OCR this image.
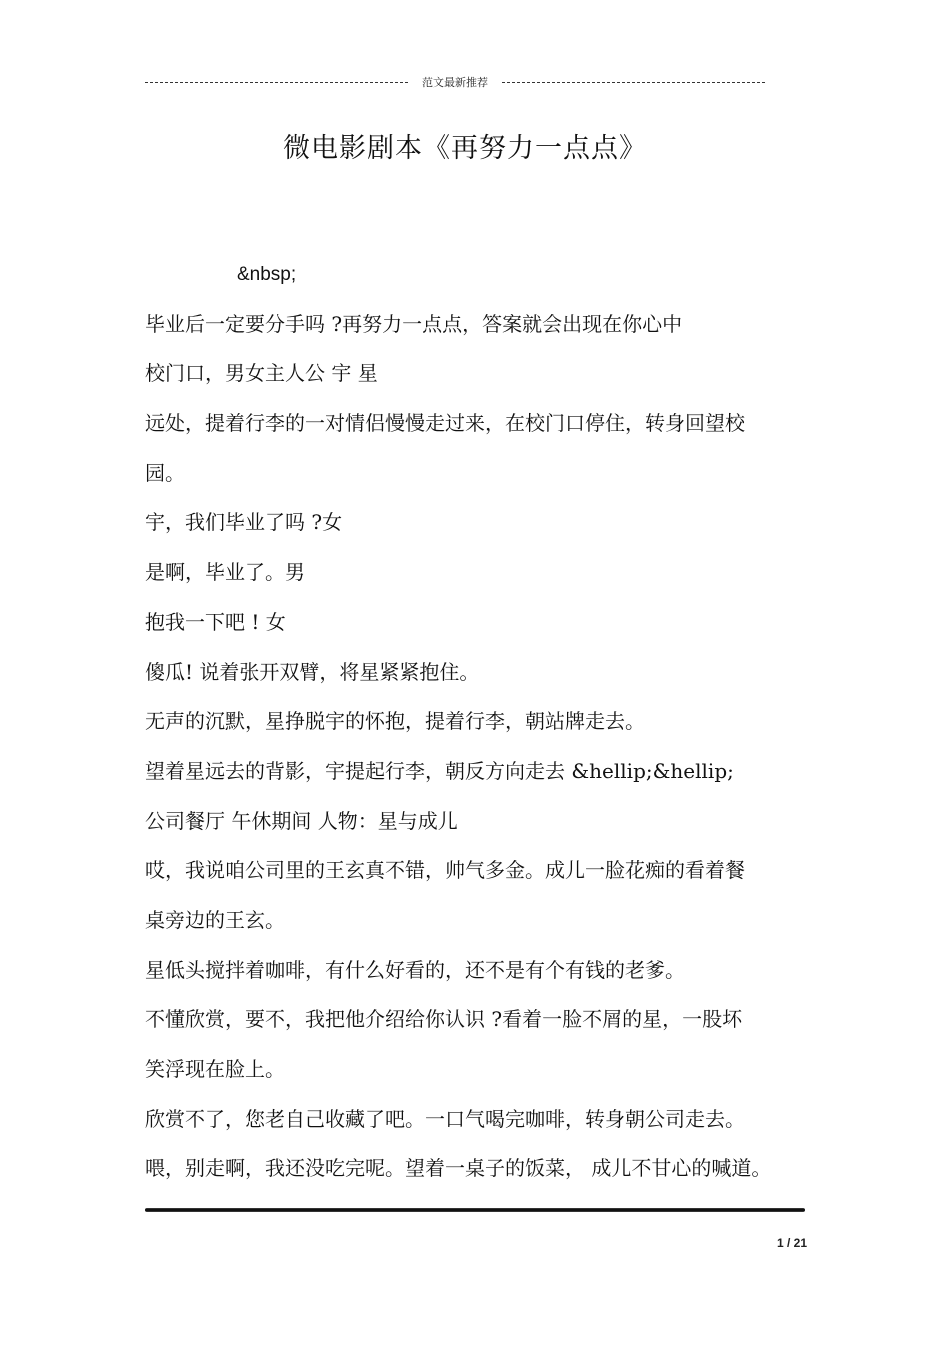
范文最新推荐
微电影剧本《再努力一点点》
&nbsp;
毕业后一定要分手吗 ?再努力一点点，答案就会出现在你心中
校门口，男女主人公 宇 星
远处，提着行李的一对情侣慢慢走过来，在校门口停住，转身回望校
园。
宇，我们毕业了吗 ?女
是啊，毕业了。男
抱我一下吧 ! 女
傻瓜! 说着张开双臂，将星紧紧抱住。
无声的沉默，星挣脱宇的怀抱，提着行李，朝站牌走去。
望着星远去的背影，宇提起行李，朝反方向走去 &hellip;&hellip;
公司餐厅 午休期间 人物：星与成儿
哎，我说咱公司里的王玄真不错，帅气多金。成儿一脸花痴的看着餐
桌旁边的王玄。
星低头搅拌着咖啡，有什么好看的，还不是有个有钱的老爹。
不懂欣赏，要不，我把他介绍给你认识 ?看着一脸不屑的星，一股坏
笑浮现在脸上。
欣赏不了，您老自己收藏了吧。一口气喝完咖啡，转身朝公司走去。
喂，别走啊，我还没吃完呢。望着一桌子的饭菜， 成儿不甘心的喊道。
1 / 21
